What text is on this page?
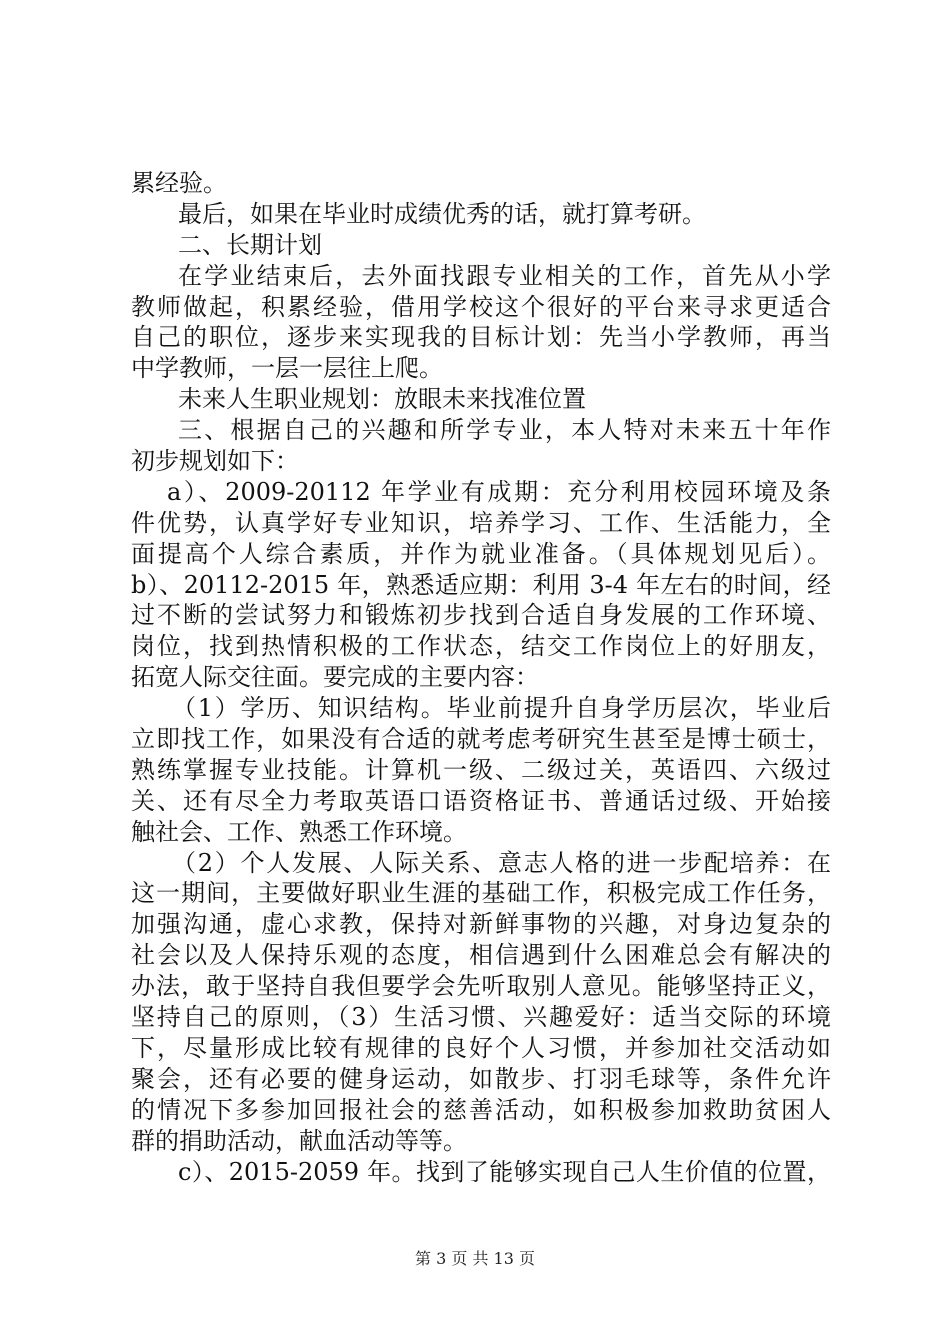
累经验。
最后，如果在毕业时成绩优秀的话，就打算考研。
二、长期计划
在学业结束后，去外面找跟专业相关的工作，首先从小学
教师做起，积累经验，借用学校这个很好的平台来寻求更适合
自己的职位，逐步来实现我的目标计划：先当小学教师，再当
中学教师，一层一层往上爬。
未来人生职业规划：放眼未来找准位置
三、根据自己的兴趣和所学专业，本人特对未来五十年作
初步规划如下：
a）、2009-20112 年学业有成期：充分利用校园环境及条
件优势，认真学好专业知识，培养学习、工作、生活能力，全
面提高个人综合素质，并作为就业准备。（具体规划见后）。
b）、20112-2015 年，熟悉适应期：利用 3-4 年左右的时间，经
过不断的尝试努力和锻炼初步找到合适自身发展的工作环境、
岗位，找到热情积极的工作状态，结交工作岗位上的好朋友，
拓宽人际交往面。要完成的主要内容：
（1）学历、知识结构。毕业前提升自身学历层次，毕业后
立即找工作，如果没有合适的就考虑考研究生甚至是博士硕士，
熟练掌握专业技能。计算机一级、二级过关，英语四、六级过
关、还有尽全力考取英语口语资格证书、普通话过级、开始接
触社会、工作、熟悉工作环境。
（2）个人发展、人际关系、意志人格的进一步配培养：在
这一期间，主要做好职业生涯的基础工作，积极完成工作任务，
加强沟通，虚心求教，保持对新鲜事物的兴趣，对身边复杂的
社会以及人保持乐观的态度，相信遇到什么困难总会有解决的
办法，敢于坚持自我但要学会先听取别人意见。能够坚持正义，
坚持自己的原则，（3）生活习惯、兴趣爱好：适当交际的环境
下，尽量形成比较有规律的良好个人习惯，并参加社交活动如
聚会，还有必要的健身运动，如散步、打羽毛球等，条件允许
的情况下多参加回报社会的慈善活动，如积极参加救助贫困人
群的捐助活动，献血活动等等。
c）、2015-2059 年。找到了能够实现自己人生价值的位置，
第 3 页 共 13 页
